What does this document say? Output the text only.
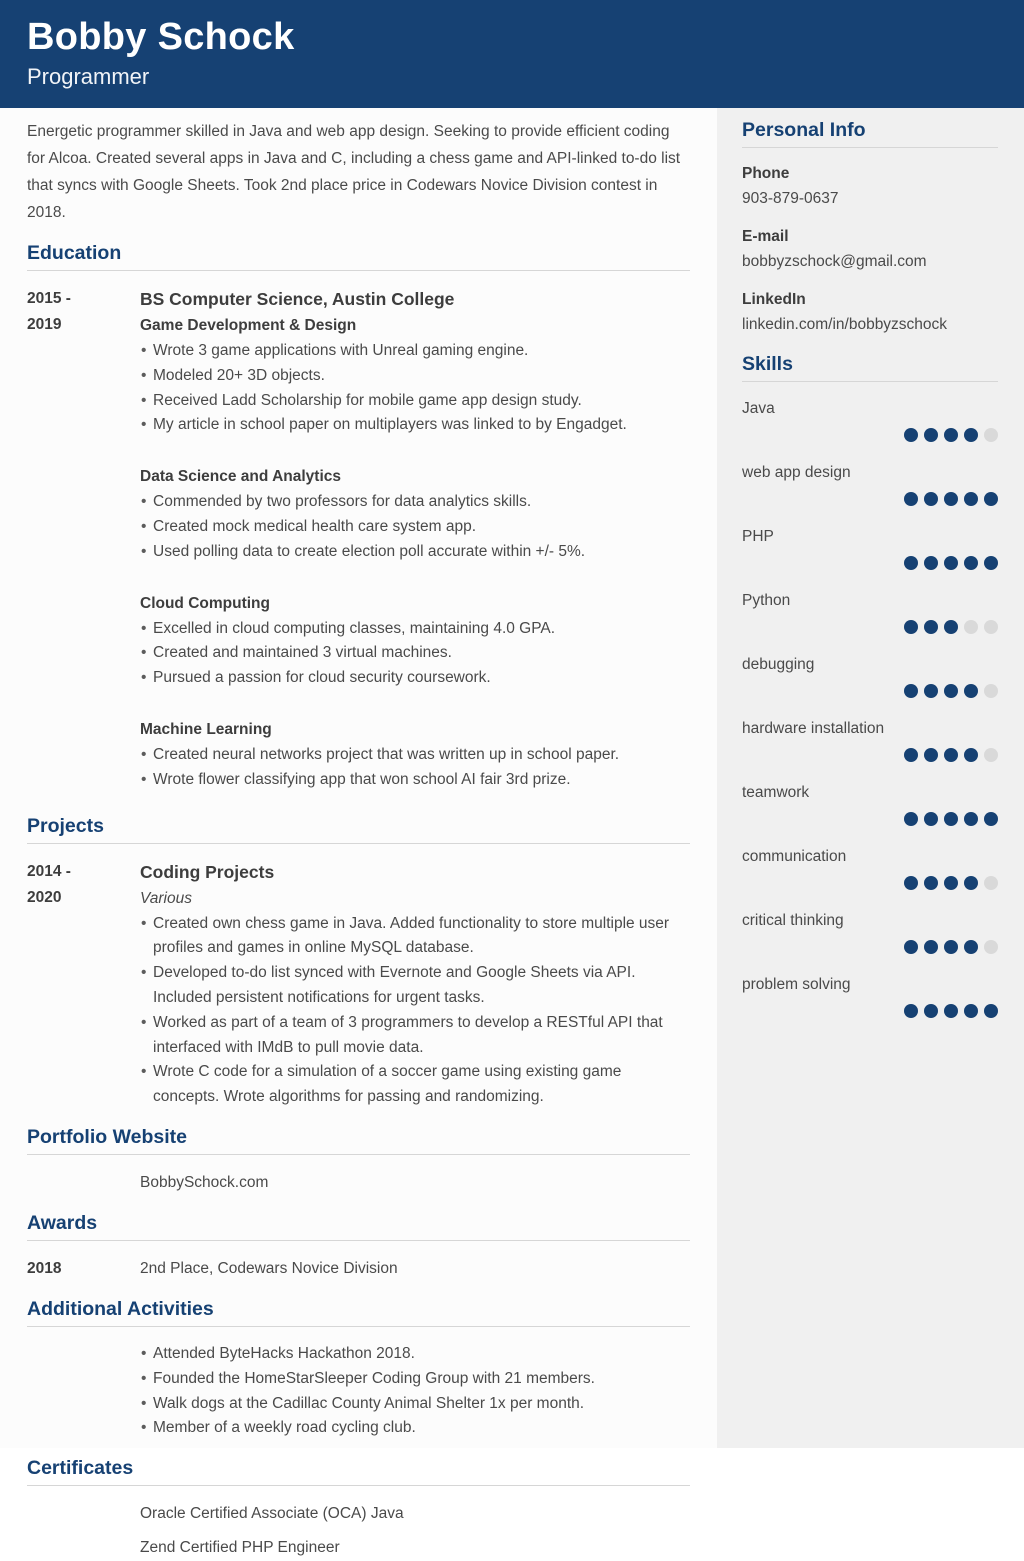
Bobby Schock
Programmer

Energetic programmer skilled in Java and web app design. Seeking to provide efficient coding for Alcoa. Created several apps in Java and C, including a chess game and API-linked to-do list that syncs with Google Sheets. Took 2nd place price in Codewars Novice Division contest in 2018.

Education
2015 -
2019
BS Computer Science, Austin College
Game Development & Design
• Wrote 3 game applications with Unreal gaming engine.
• Modeled 20+ 3D objects.
• Received Ladd Scholarship for mobile game app design study.
• My article in school paper on multiplayers was linked to by Engadget.
Data Science and Analytics
• Commended by two professors for data analytics skills.
• Created mock medical health care system app.
• Used polling data to create election poll accurate within +/- 5%.
Cloud Computing
• Excelled in cloud computing classes, maintaining 4.0 GPA.
• Created and maintained 3 virtual machines.
• Pursued a passion for cloud security coursework.
Machine Learning
• Created neural networks project that was written up in school paper.
• Wrote flower classifying app that won school AI fair 3rd prize.
Projects
2014 -
2020
Coding Projects
Various
• Created own chess game in Java. Added functionality to store multiple user profiles and games in online MySQL database.
• Developed to-do list synced with Evernote and Google Sheets via API. Included persistent notifications for urgent tasks.
• Worked as part of a team of 3 programmers to develop a RESTful API that interfaced with IMdB to pull movie data.
• Wrote C code for a simulation of a soccer game using existing game concepts. Wrote algorithms for passing and randomizing.
Portfolio Website
BobbySchock.com
Awards
2018	2nd Place, Codewars Novice Division
Additional Activities
• Attended ByteHacks Hackathon 2018.
• Founded the HomeStarSleeper Coding Group with 21 members.
• Walk dogs at the Cadillac County Animal Shelter 1x per month.
• Member of a weekly road cycling club.
Certificates
Oracle Certified Associate (OCA) Java
Zend Certified PHP Engineer
Personal Info
Phone
903-879-0637
E-mail
bobbyzschock@gmail.com
LinkedIn
linkedin.com/in/bobbyzschock
Skills
Java
web app design
PHP
Python
debugging
hardware installation
teamwork
communication
critical thinking
problem solving
